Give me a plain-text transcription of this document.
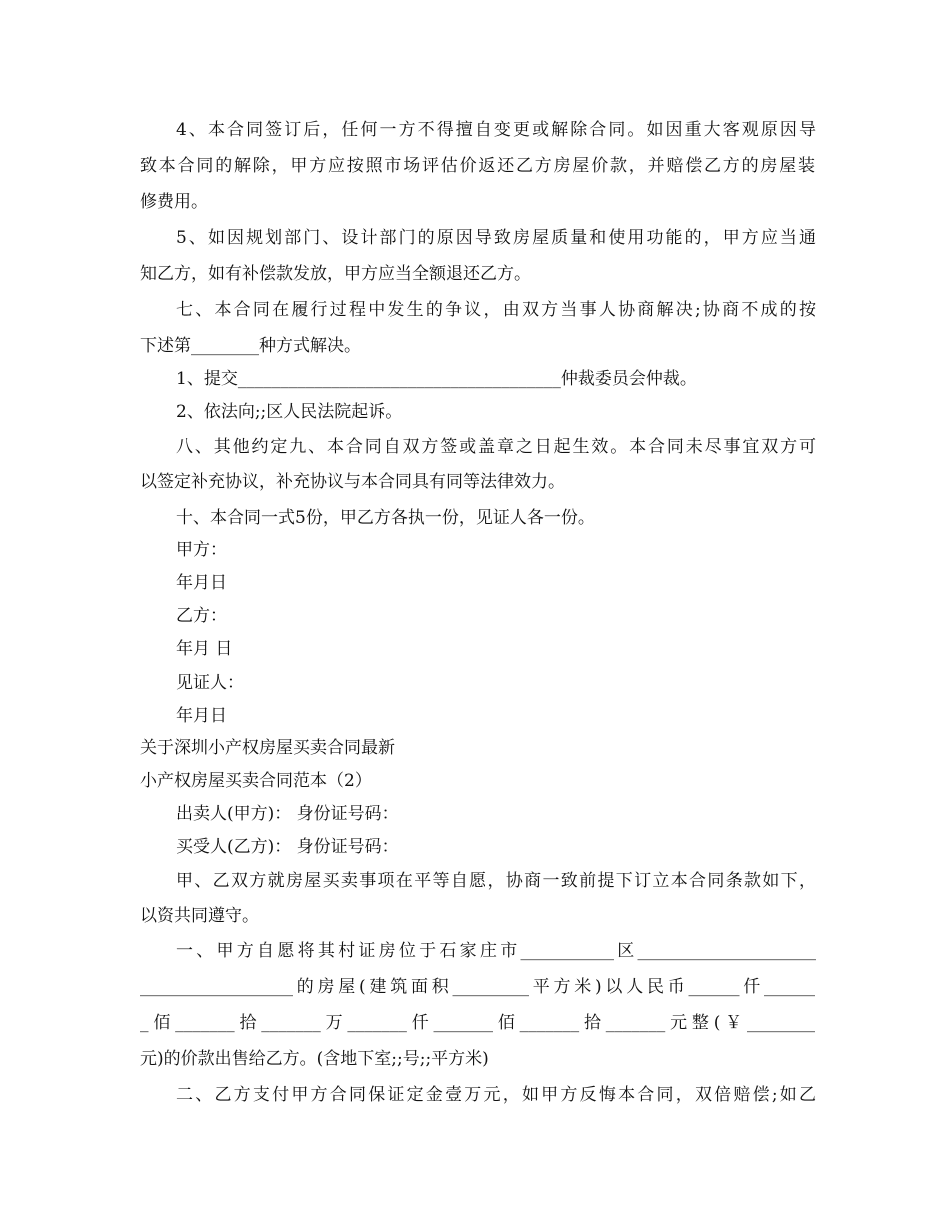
4、本合同签订后，任何一方不得擅自变更或解除合同。如因重大客观原因导
致本合同的解除，甲方应按照市场评估价返还乙方房屋价款，并赔偿乙方的房屋装
修费用。
5、如因规划部门、设计部门的原因导致房屋质量和使用功能的，甲方应当通
知乙方，如有补偿款发放，甲方应当全额退还乙方。
七、本合同在履行过程中发生的争议，由双方当事人协商解决;协商不成的按
下述第________种方式解决。
1、提交______________________________________仲裁委员会仲裁。
2、依法向;;区人民法院起诉。
八、其他约定九、本合同自双方签或盖章之日起生效。本合同未尽事宜双方可
以签定补充协议，补充协议与本合同具有同等法律效力。
十、本合同一式5份，甲乙方各执一份，见证人各一份。
甲方：
年月日
乙方：
年月 日
见证人：
年月日
关于深圳小产权房屋买卖合同最新
小产权房屋买卖合同范本（2）
出卖人(甲方)： 身份证号码：
买受人(乙方)： 身份证号码：
甲、乙双方就房屋买卖事项在平等自愿，协商一致前提下订立本合同条款如下，
以资共同遵守。
一、甲方自愿将其村证房位于石家庄市___________区_____________________
__________________的房屋(建筑面积_________平方米)以人民币______仟______
_佰_______拾_______万_______仟_______佰_______拾_______元整(￥________
元)的价款出售给乙方。(含地下室;;号;;平方米)
二、乙方支付甲方合同保证定金壹万元，如甲方反悔本合同，双倍赔偿;如乙
